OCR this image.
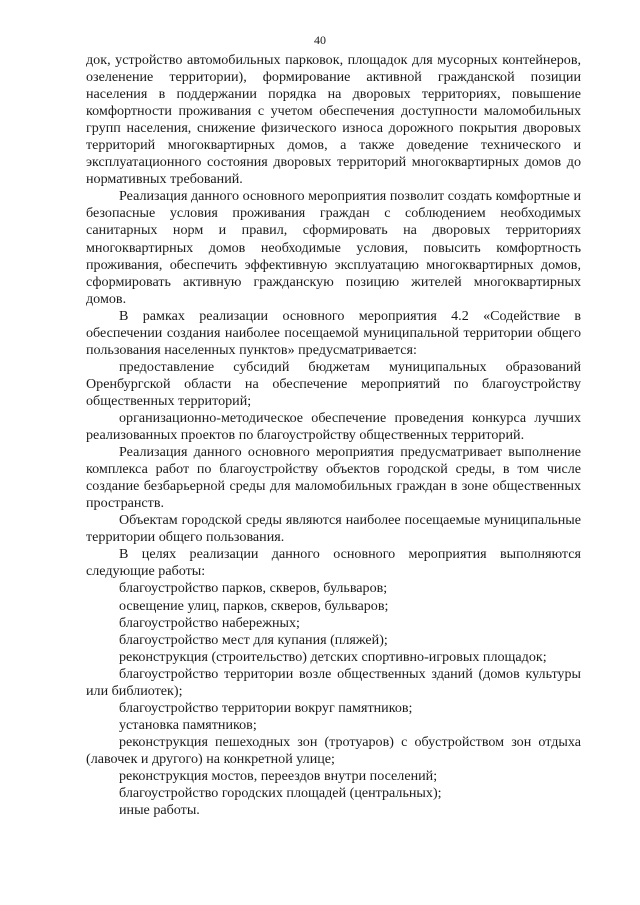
40

док, устройство автомобильных парковок, площадок для мусорных контейнеров, озеленение территории), формирование активной гражданской позиции населения в поддержании порядка на дворовых территориях, повышение комфортности проживания с учетом обеспечения доступности маломобильных групп населения, снижение физического износа дорожного покрытия дворовых территорий многоквартирных домов, а также доведение технического и эксплуатационного состояния дворовых территорий многоквартирных домов до нормативных требований.

Реализация данного основного мероприятия позволит создать комфортные и безопасные условия проживания граждан с соблюдением необходимых санитарных норм и правил, сформировать на дворовых территориях многоквартирных домов необходимые условия, повысить комфортность проживания, обеспечить эффективную эксплуатацию многоквартирных домов, сформировать активную гражданскую позицию жителей многоквартирных домов.

В рамках реализации основного мероприятия 4.2 «Содействие в обеспечении создания наиболее посещаемой муниципальной территории общего пользования населенных пунктов» предусматривается:

предоставление субсидий бюджетам муниципальных образований Оренбургской области на обеспечение мероприятий по благоустройству общественных территорий;

организационно-методическое обеспечение проведения конкурса лучших реализованных проектов по благоустройству общественных территорий.

Реализация данного основного мероприятия предусматривает выполнение комплекса работ по благоустройству объектов городской среды, в том числе создание безбарьерной среды для маломобильных граждан в зоне общественных пространств.

Объектам городской среды являются наиболее посещаемые муниципальные территории общего пользования.

В целях реализации данного основного мероприятия выполняются следующие работы:

благоустройство парков, скверов, бульваров;

освещение улиц, парков, скверов, бульваров;

благоустройство набережных;

благоустройство мест для купания (пляжей);

реконструкция (строительство) детских спортивно-игровых площадок;

благоустройство территории возле общественных зданий (домов культуры или библиотек);

благоустройство территории вокруг памятников;

установка памятников;

реконструкция пешеходных зон (тротуаров) с обустройством зон отдыха (лавочек и другого) на конкретной улице;

реконструкция мостов, переездов внутри поселений;

благоустройство городских площадей (центральных);

иные работы.
